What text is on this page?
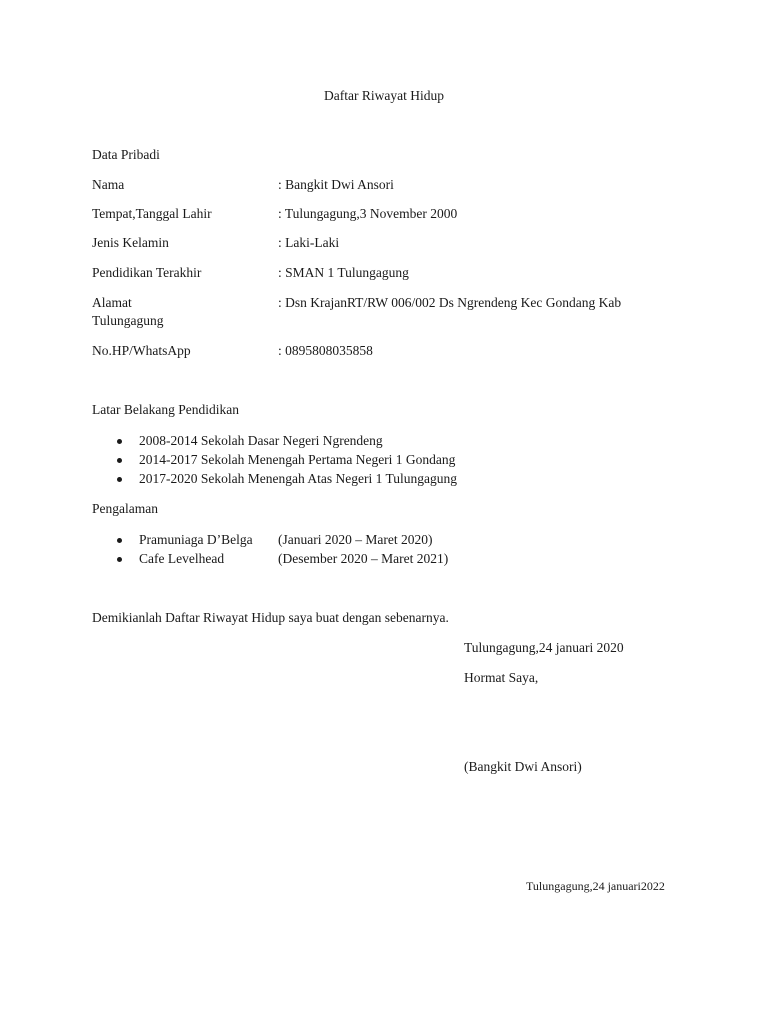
Daftar Riwayat Hidup
Data Pribadi
Nama	: Bangkit Dwi Ansori
Tempat,Tanggal Lahir	: Tulungagung,3 November 2000
Jenis Kelamin	: Laki-Laki
Pendidikan Terakhir	: SMAN 1 Tulungagung
Alamat	: Dsn KrajanRT/RW 006/002 Ds Ngrendeng Kec Gondang Kab
Tulungagung
No.HP/WhatsApp	: 0895808035858
Latar Belakang Pendidikan
2008-2014 Sekolah Dasar Negeri Ngrendeng
2014-2017 Sekolah Menengah Pertama Negeri 1 Gondang
2017-2020 Sekolah Menengah Atas Negeri 1 Tulungagung
Pengalaman
Pramuniaga D’Belga (Januari 2020 – Maret 2020)
Cafe Levelhead	(Desember 2020 – Maret 2021)
Demikianlah Daftar Riwayat Hidup saya buat dengan sebenarnya.
Tulungagung,24 januari 2020
Hormat Saya,
(Bangkit Dwi Ansori)
Tulungagung,24 januari2022
